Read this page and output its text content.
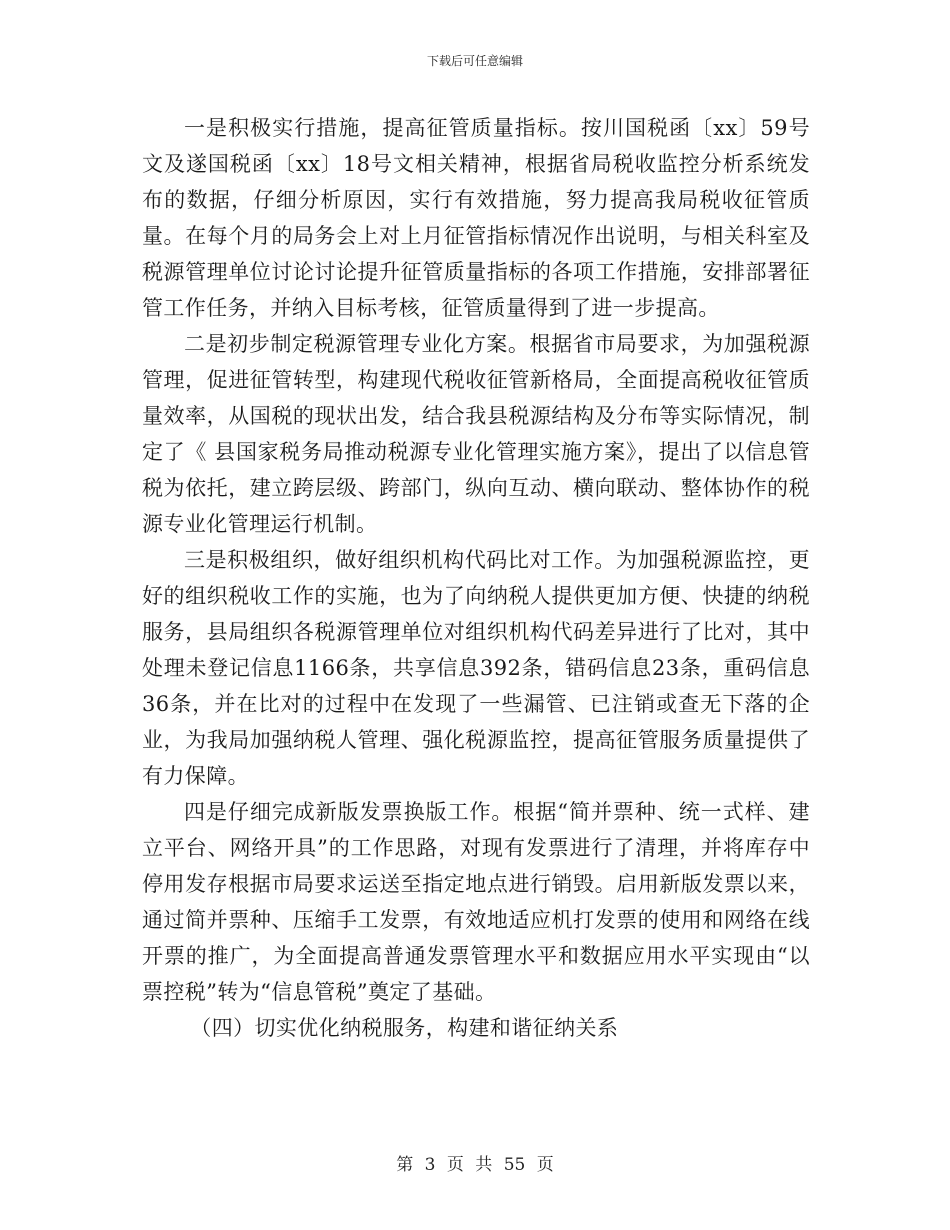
下载后可任意编辑

一是积极实行措施，提高征管质量指标。按川国税函〔xx〕59号文及遂国税函〔xx〕18号文相关精神，根据省局税收监控分析系统发布的数据，仔细分析原因，实行有效措施，努力提高我局税收征管质量。在每个月的局务会上对上月征管指标情况作出说明，与相关科室及税源管理单位讨论讨论提升征管质量指标的各项工作措施，安排部署征管工作任务，并纳入目标考核，征管质量得到了进一步提高。

二是初步制定税源管理专业化方案。根据省市局要求，为加强税源管理，促进征管转型，构建现代税收征管新格局，全面提高税收征管质量效率，从国税的现状出发，结合我县税源结构及分布等实际情况，制定了《 县国家税务局推动税源专业化管理实施方案》，提出了以信息管税为依托，建立跨层级、跨部门，纵向互动、横向联动、整体协作的税源专业化管理运行机制。

三是积极组织，做好组织机构代码比对工作。为加强税源监控，更好的组织税收工作的实施，也为了向纳税人提供更加方便、快捷的纳税服务，县局组织各税源管理单位对组织机构代码差异进行了比对，其中处理未登记信息1166条，共享信息392条，错码信息23条，重码信息36条，并在比对的过程中在发现了一些漏管、已注销或查无下落的企业，为我局加强纳税人管理、强化税源监控，提高征管服务质量提供了有力保障。

四是仔细完成新版发票换版工作。根据“简并票种、统一式样、建立平台、网络开具”的工作思路，对现有发票进行了清理，并将库存中停用发存根据市局要求运送至指定地点进行销毁。启用新版发票以来，通过简并票种、压缩手工发票，有效地适应机打发票的使用和网络在线开票的推广，为全面提高普通发票管理水平和数据应用水平实现由“以票控税”转为“信息管税”奠定了基础。

（四）切实优化纳税服务，构建和谐征纳关系

第 3 页 共 55 页
